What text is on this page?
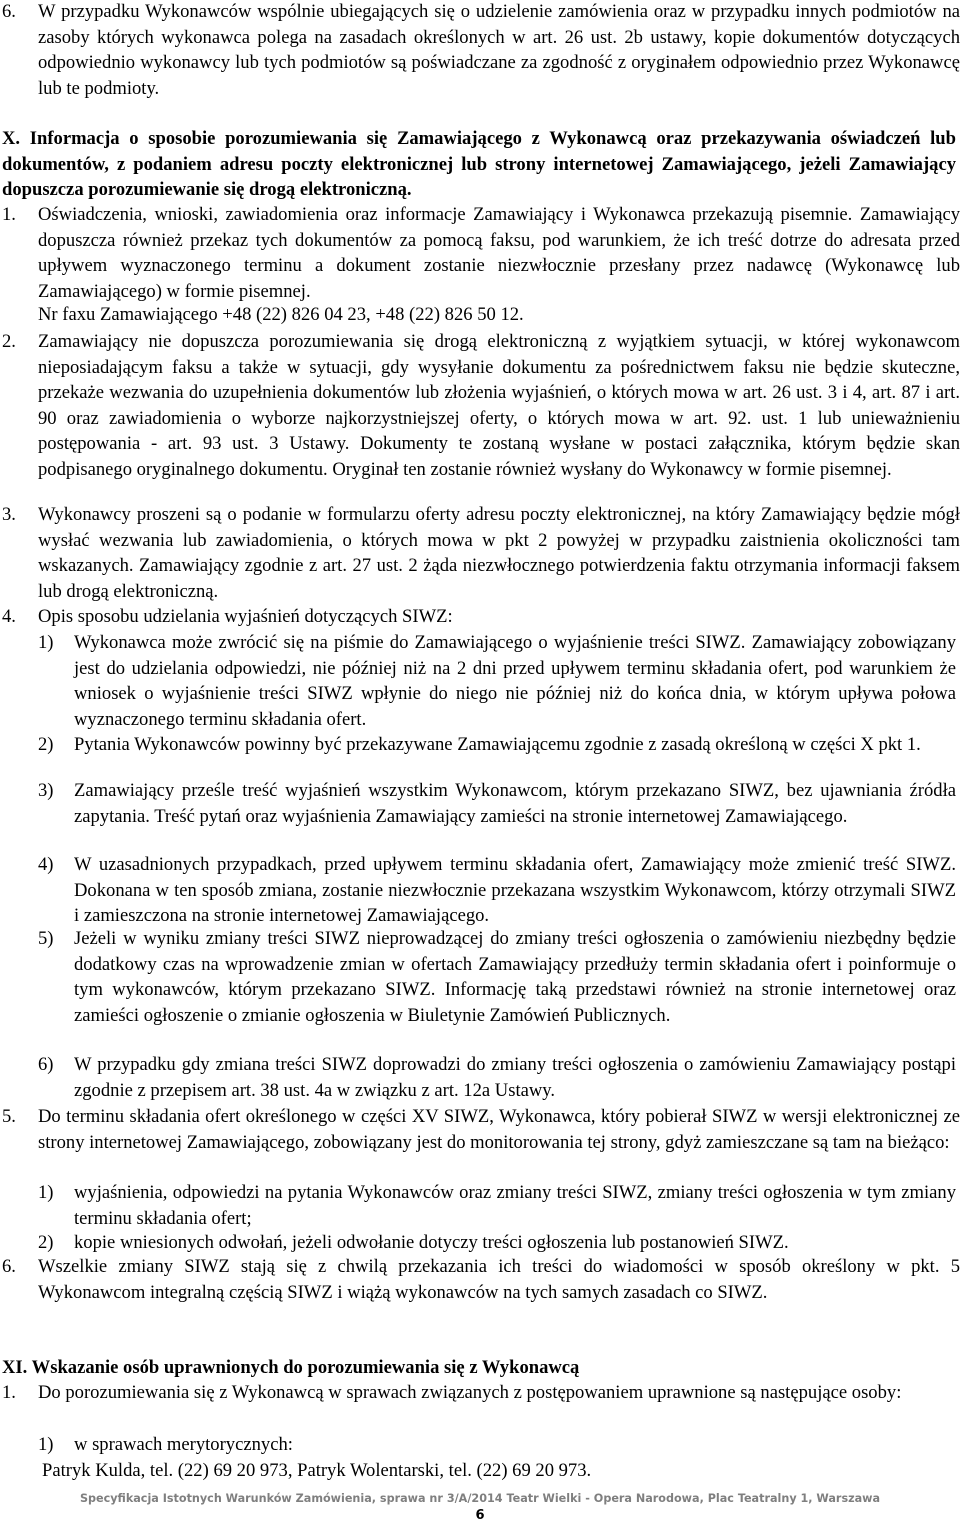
6. W przypadku Wykonawców wspólnie ubiegających się o udzielenie zamówienia oraz w przypadku innych podmiotów na zasoby których wykonawca polega na zasadach określonych w art. 26 ust. 2b ustawy, kopie dokumentów dotyczących odpowiednio wykonawcy lub tych podmiotów są poświadczane za zgodność z oryginałem odpowiednio przez Wykonawcę lub te podmioty.
X. Informacja o sposobie porozumiewania się Zamawiającego z Wykonawcą oraz przekazywania oświadczeń lub dokumentów, z podaniem adresu poczty elektronicznej lub strony internetowej Zamawiającego, jeżeli Zamawiający dopuszcza porozumiewanie się drogą elektroniczną.
1. Oświadczenia, wnioski, zawiadomienia oraz informacje Zamawiający i Wykonawca przekazują pisemnie. Zamawiający dopuszcza również przekaz tych dokumentów za pomocą faksu, pod warunkiem, że ich treść dotrze do adresata przed upływem wyznaczonego terminu a dokument zostanie niezwłocznie przesłany przez nadawcę (Wykonawcę lub Zamawiającego) w formie pisemnej.
Nr faxu Zamawiającego +48 (22) 826 04 23, +48 (22) 826 50 12.
2. Zamawiający nie dopuszcza porozumiewania się drogą elektroniczną z wyjątkiem sytuacji, w której wykonawcom nieposiadającym faksu a także w sytuacji, gdy wysyłanie dokumentu za pośrednictwem faksu nie będzie skuteczne, przekaże wezwania do uzupełnienia dokumentów lub złożenia wyjaśnień, o których mowa w art. 26 ust. 3 i 4, art. 87 i art. 90 oraz zawiadomienia o wyborze najkorzystniejszej oferty, o których mowa w art. 92. ust. 1 lub unieważnieniu postępowania - art. 93 ust. 3 Ustawy. Dokumenty te zostaną wysłane w postaci załącznika, którym będzie skan podpisanego oryginalnego dokumentu. Oryginał ten zostanie również wysłany do Wykonawcy w formie pisemnej.
3. Wykonawcy proszeni są o podanie w formularzu oferty adresu poczty elektronicznej, na który Zamawiający będzie mógł wysłać wezwania lub zawiadomienia, o których mowa w pkt 2 powyżej w przypadku zaistnienia okoliczności tam wskazanych. Zamawiający zgodnie z art. 27 ust. 2 żąda niezwłocznego potwierdzenia faktu otrzymania informacji faksem lub drogą elektroniczną.
4. Opis sposobu udzielania wyjaśnień dotyczących SIWZ:
1) Wykonawca może zwrócić się na piśmie do Zamawiającego o wyjaśnienie treści SIWZ. Zamawiający zobowiązany jest do udzielania odpowiedzi, nie później niż na 2 dni przed upływem terminu składania ofert, pod warunkiem że wniosek o wyjaśnienie treści SIWZ wpłynie do niego nie później niż do końca dnia, w którym upływa połowa wyznaczonego terminu składania ofert.
2) Pytania Wykonawców powinny być przekazywane Zamawiającemu zgodnie z zasadą określoną w części X pkt 1.
3) Zamawiający prześle treść wyjaśnień wszystkim Wykonawcom, którym przekazano SIWZ, bez ujawniania źródła zapytania. Treść pytań oraz wyjaśnienia Zamawiający zamieści na stronie internetowej Zamawiającego.
4) W uzasadnionych przypadkach, przed upływem terminu składania ofert, Zamawiający może zmienić treść SIWZ. Dokonana w ten sposób zmiana, zostanie niezwłocznie przekazana wszystkim Wykonawcom, którzy otrzymali SIWZ i zamieszczona na stronie internetowej Zamawiającego.
5) Jeżeli w wyniku zmiany treści SIWZ nieprowadzącej do zmiany treści ogłoszenia o zamówieniu niezbędny będzie dodatkowy czas na wprowadzenie zmian w ofertach Zamawiający przedłuży termin składania ofert i poinformuje o tym wykonawców, którym przekazano SIWZ. Informację taką przedstawi również na stronie internetowej oraz zamieści ogłoszenie o zmianie ogłoszenia w Biuletynie Zamówień Publicznych.
6) W przypadku gdy zmiana treści SIWZ doprowadzi do zmiany treści ogłoszenia o zamówieniu Zamawiający postąpi zgodnie z przepisem art. 38 ust. 4a w związku z art. 12a Ustawy.
5. Do terminu składania ofert określonego w części XV SIWZ, Wykonawca, który pobierał SIWZ w wersji elektronicznej ze strony internetowej Zamawiającego, zobowiązany jest do monitorowania tej strony, gdyż zamieszczane są tam na bieżąco:
1) wyjaśnienia, odpowiedzi na pytania Wykonawców oraz zmiany treści SIWZ, zmiany treści ogłoszenia w tym zmiany terminu składania ofert;
2) kopie wniesionych odwołań, jeżeli odwołanie dotyczy treści ogłoszenia lub postanowień SIWZ.
6. Wszelkie zmiany SIWZ stają się z chwilą przekazania ich treści do wiadomości w sposób określony w pkt. 5 Wykonawcom integralną częścią SIWZ i wiążą wykonawców na tych samych zasadach co SIWZ.
XI. Wskazanie osób uprawnionych do porozumiewania się z Wykonawcą
1. Do porozumiewania się z Wykonawcą w sprawach związanych z postępowaniem uprawnione są następujące osoby:
1) w sprawach merytorycznych:
Patryk Kulda, tel. (22) 69 20 973, Patryk Wolentarski, tel. (22) 69 20 973.
Specyfikacja Istotnych Warunków Zamówienia, sprawa nr 3/A/2014 Teatr Wielki - Opera Narodowa, Plac Teatralny 1, Warszawa
6
